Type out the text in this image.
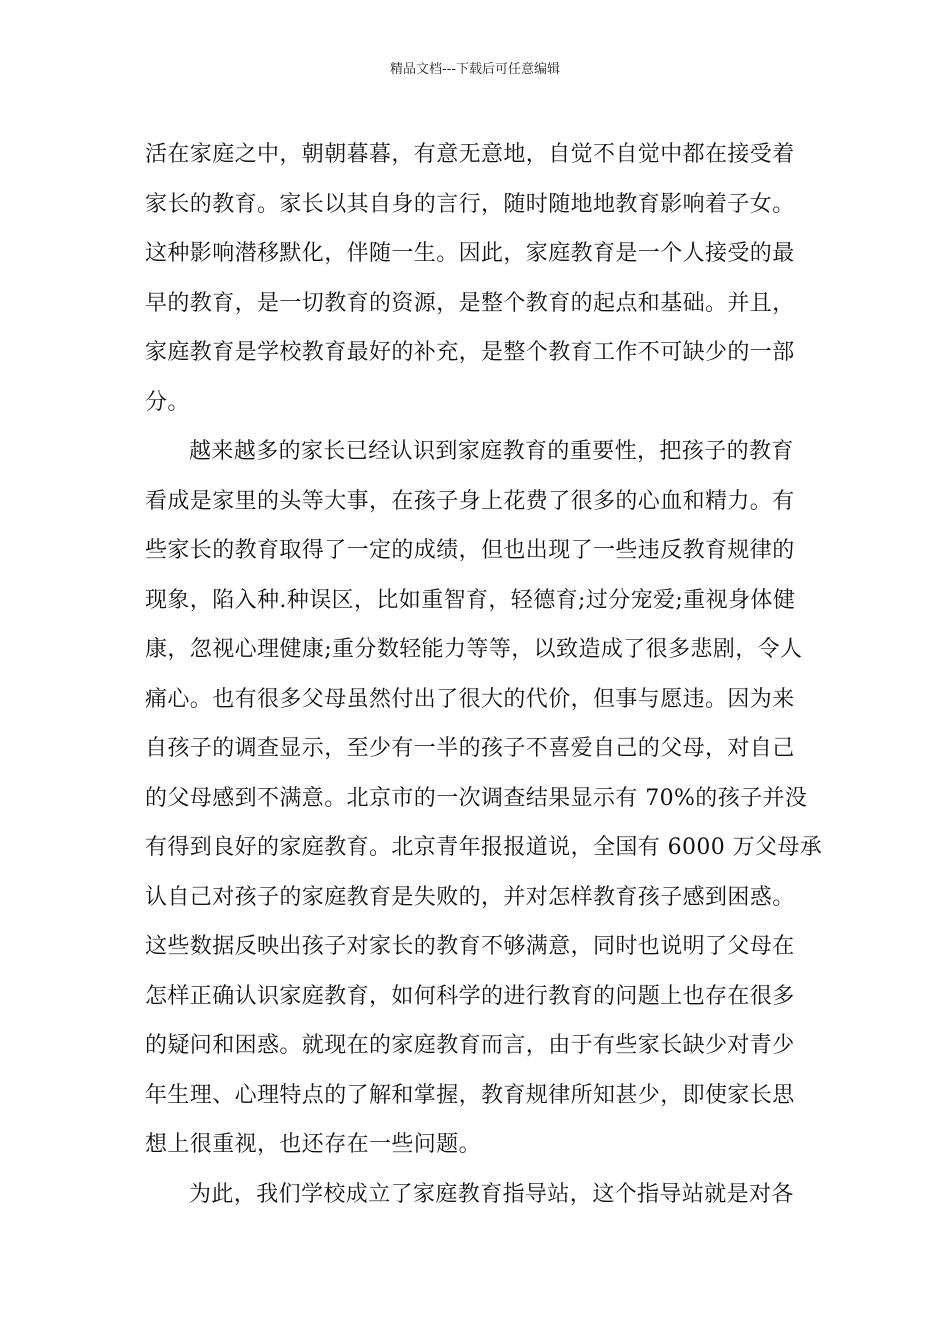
精品文档---下载后可任意编辑
活在家庭之中，朝朝暮暮，有意无意地，自觉不自觉中都在接受着
家长的教育。家长以其自身的言行，随时随地地教育影响着子女。
这种影响潜移默化，伴随一生。因此，家庭教育是一个人接受的最
早的教育，是一切教育的资源，是整个教育的起点和基础。并且，
家庭教育是学校教育最好的补充，是整个教育工作不可缺少的一部
分。
越来越多的家长已经认识到家庭教育的重要性，把孩子的教育
看成是家里的头等大事，在孩子身上花费了很多的心血和精力。有
些家长的教育取得了一定的成绩，但也出现了一些违反教育规律的
现象，陷入种.种误区，比如重智育，轻德育;过分宠爱;重视身体健
康，忽视心理健康;重分数轻能力等等，以致造成了很多悲剧，令人
痛心。也有很多父母虽然付出了很大的代价，但事与愿违。因为来
自孩子的调查显示，至少有一半的孩子不喜爱自己的父母，对自己
的父母感到不满意。北京市的一次调查结果显示有 70%的孩子并没
有得到良好的家庭教育。北京青年报报道说，全国有 6000 万父母承
认自己对孩子的家庭教育是失败的，并对怎样教育孩子感到困惑。
这些数据反映出孩子对家长的教育不够满意，同时也说明了父母在
怎样正确认识家庭教育，如何科学的进行教育的问题上也存在很多
的疑问和困惑。就现在的家庭教育而言，由于有些家长缺少对青少
年生理、心理特点的了解和掌握，教育规律所知甚少，即使家长思
想上很重视，也还存在一些问题。
为此，我们学校成立了家庭教育指导站，这个指导站就是对各
